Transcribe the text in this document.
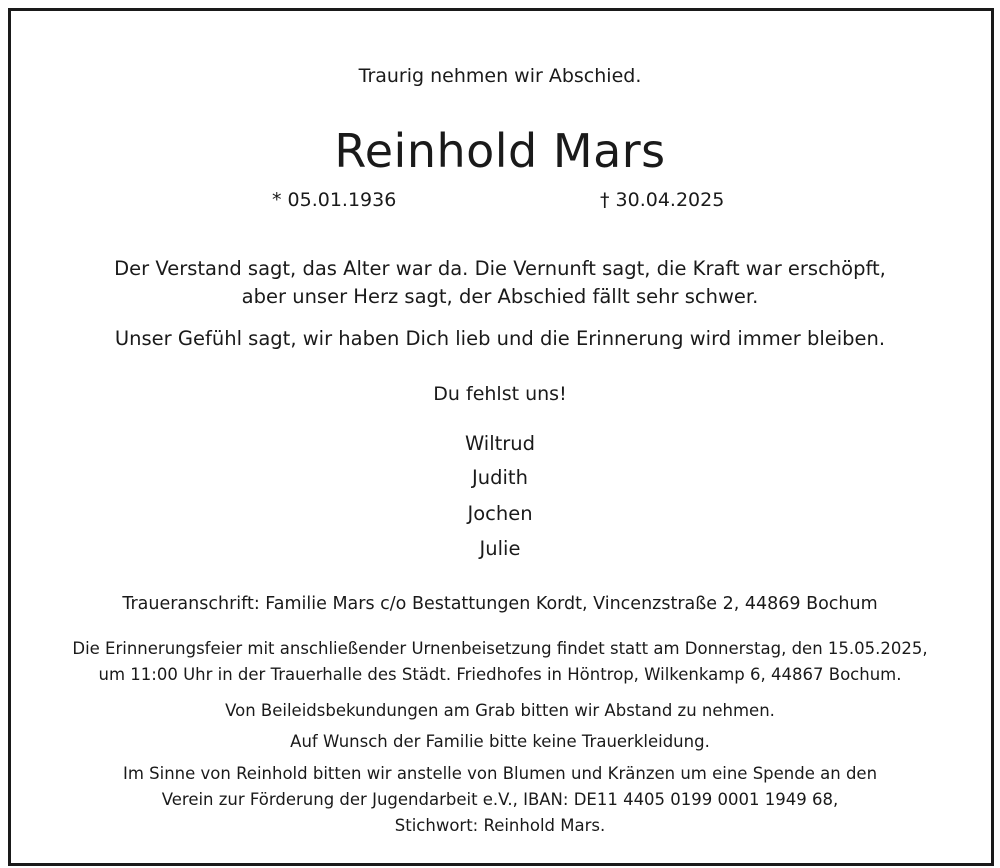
Traurig nehmen wir Abschied.
Reinhold Mars
* 05.01.1936	† 30.04.2025
Der Verstand sagt, das Alter war da. Die Vernunft sagt, die Kraft war erschöpft,
aber unser Herz sagt, der Abschied fällt sehr schwer.
Unser Gefühl sagt, wir haben Dich lieb und die Erinnerung wird immer bleiben.
Du fehlst uns!
Wiltrud
Judith
Jochen
Julie
Traueranschrift: Familie Mars c/o Bestattungen Kordt, Vincenzstraße 2, 44869 Bochum
Die Erinnerungsfeier mit anschließender Urnenbeisetzung findet statt am Donnerstag, den 15.05.2025,
um 11:00 Uhr in der Trauerhalle des Städt. Friedhofes in Höntrop, Wilkenkamp 6, 44867 Bochum.
Von Beileidsbekundungen am Grab bitten wir Abstand zu nehmen.
Auf Wunsch der Familie bitte keine Trauerkleidung.
Im Sinne von Reinhold bitten wir anstelle von Blumen und Kränzen um eine Spende an den
Verein zur Förderung der Jugendarbeit e.V., IBAN: DE11 4405 0199 0001 1949 68,
Stichwort: Reinhold Mars.
